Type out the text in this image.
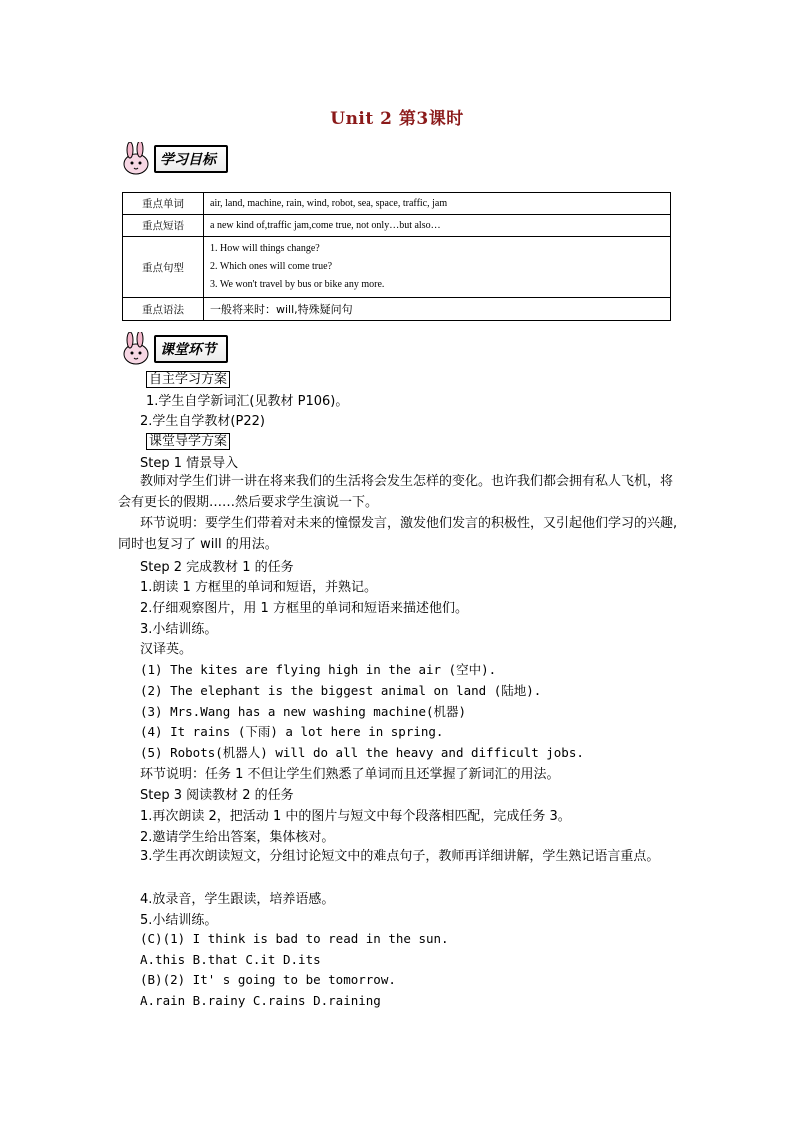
Unit 2 第3课时
学习目标
重点单词	air, land, machine, rain, wind, robot, sea, space, traffic, jam
重点短语	a new kind of,traffic jam,come true, not only…but also…
重点句型	1. How will things change?
2. Which ones will come true?
3. We won't travel by bus or bike any more.

重点语法	一般将来时：will,特殊疑问句
课堂环节
自主学习方案
1.学生自学新词汇(见教材 P106)。
2.学生自学教材(P22)
课堂导学方案
Step 1 情景导入
教师对学生们讲一讲在将来我们的生活将会发生怎样的变化。也许我们都会拥有私人飞机，将会有更长的假期……然后要求学生演说一下。
环节说明：要学生们带着对未来的憧憬发言，激发他们发言的积极性，又引起他们学习的兴趣,同时也复习了 will 的用法。
Step 2 完成教材 1 的任务
1.朗读 1 方框里的单词和短语，并熟记。
2.仔细观察图片，用 1 方框里的单词和短语来描述他们。
3.小结训练。
汉译英。
(1) The kites are flying high in the air (空中).
(2) The elephant is the biggest animal on land (陆地).
(3) Mrs.Wang has a new washing machine(机器)
(4) It rains (下雨) a lot here in spring.
(5) Robots(机器人) will do all the heavy and difficult jobs.
环节说明：任务 1 不但让学生们熟悉了单词而且还掌握了新词汇的用法。
Step 3 阅读教材 2 的任务
1.再次朗读 2，把活动 1 中的图片与短文中每个段落相匹配，完成任务 3。
2.邀请学生给出答案，集体核对。
3.学生再次朗读短文，分组讨论短文中的难点句子，教师再详细讲解，学生熟记语言重点。
4.放录音，学生跟读，培养语感。
5.小结训练。
(C)(1) I think is bad to read in the sun.
A.this B.that C.it D.its
(B)(2) It' s going to be tomorrow.
A.rain B.rainy C.rains D.raining
